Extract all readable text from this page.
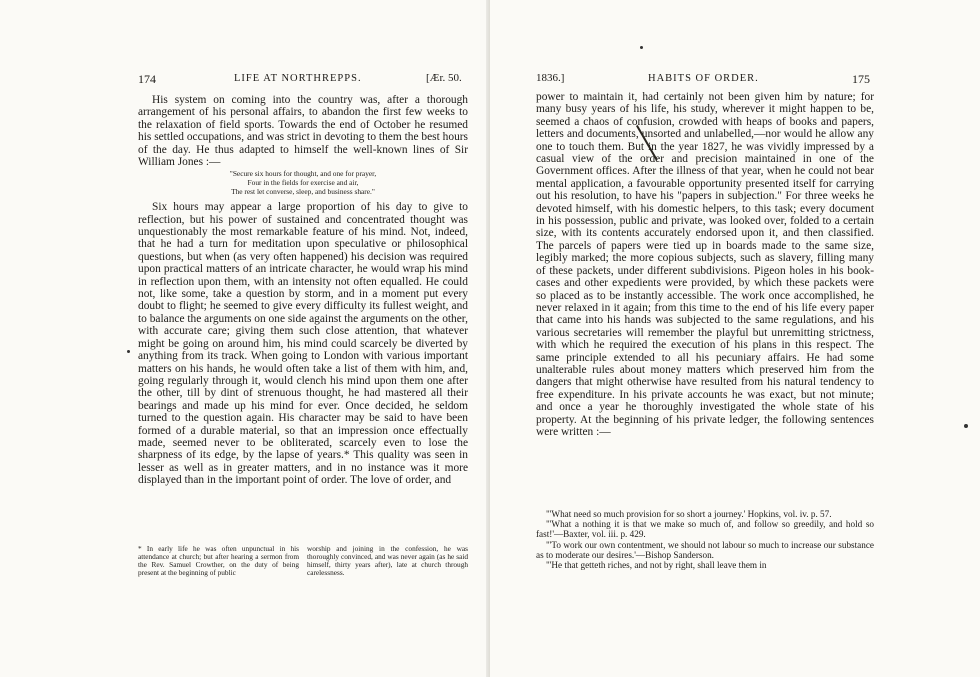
174	LIFE AT NORTHREPPS.	[Ær. 50.

His system on coming into the country was, after a thorough arrangement of his personal affairs, to abandon the first few weeks to the relaxation of field sports. Towards the end of October he resumed his settled occupations, and was strict in devoting to them the best hours of the day. He thus adapted to himself the well-known lines of Sir William Jones :—

"Secure six hours for thought, and one for prayer,
Four in the fields for exercise and air,
The rest let converse, sleep, and business share."

Six hours may appear a large proportion of his day to give to reflection, but his power of sustained and concentrated thought was unquestionably the most remarkable feature of his mind. Not, indeed, that he had a turn for meditation upon speculative or philosophical questions, but when (as very often happened) his decision was required upon practical matters of an intricate character, he would wrap his mind in reflection upon them, with an intensity not often equalled. He could not, like some, take a question by storm, and in a moment put every doubt to flight; he seemed to give every difficulty its fullest weight, and to balance the arguments on one side against the arguments on the other, with accurate care; giving them such close attention, that whatever might be going on around him, his mind could scarcely be diverted by anything from its track. When going to London with various important matters on his hands, he would often take a list of them with him, and, going regularly through it, would clench his mind upon them one after the other, till by dint of strenuous thought, he had mastered all their bearings and made up his mind for ever. Once decided, he seldom turned to the question again. His character may be said to have been formed of a durable material, so that an impression once effectually made, seemed never to be obliterated, scarcely even to lose the sharpness of its edge, by the lapse of years.* This quality was seen in lesser as well as in greater matters, and in no instance was it more displayed than in the important point of order. The love of order, and

* In early life he was often unpunctual in his attendance at church; but after hearing a sermon from the Rev. Samuel Crowther, on the duty of being present at the beginning of public
worship and joining in the confession, he was thoroughly convinced, and was never again (as he said himself, thirty years after), late at church through carelessness.
1836.]	HABITS OF ORDER.	175

power to maintain it, had certainly not been given him by nature; for many busy years of his life, his study, wherever it might happen to be, seemed a chaos of confusion, crowded with heaps of books and papers, letters and documents, unsorted and unlabelled,—nor would he allow any one to touch them. But in the year 1827, he was vividly impressed by a casual view of the order and precision maintained in one of the Government offices. After the illness of that year, when he could not bear mental application, a favourable opportunity presented itself for carrying out his resolution, to have his "papers in subjection." For three weeks he devoted himself, with his domestic helpers, to this task; every document in his possession, public and private, was looked over, folded to a certain size, with its contents accurately endorsed upon it, and then classified. The parcels of papers were tied up in boards made to the same size, legibly marked; the more copious subjects, such as slavery, filling many of these packets, under different subdivisions. Pigeon holes in his book-cases and other expedients were provided, by which these packets were so placed as to be instantly accessible. The work once accomplished, he never relaxed in it again; from this time to the end of his life every paper that came into his hands was subjected to the same regulations, and his various secretaries will remember the playful but unremitting strictness, with which he required the execution of his plans in this respect. The same principle extended to all his pecuniary affairs. He had some unalterable rules about money matters which preserved him from the dangers that might otherwise have resulted from his natural tendency to free expenditure. In his private accounts he was exact, but not minute; and once a year he thoroughly investigated the whole state of his property. At the beginning of his private ledger, the following sentences were written :—

"'What need so much provision for so short a journey.' Hopkins, vol. iv. p. 57.

"'What a nothing it is that we make so much of, and follow so greedily, and hold so fast!'—Baxter, vol. iii. p. 429.

"'To work our own contentment, we should not labour so much to increase our substance as to moderate our desires.'—Bishop Sanderson.

"'He that getteth riches, and not by right, shall leave them in
